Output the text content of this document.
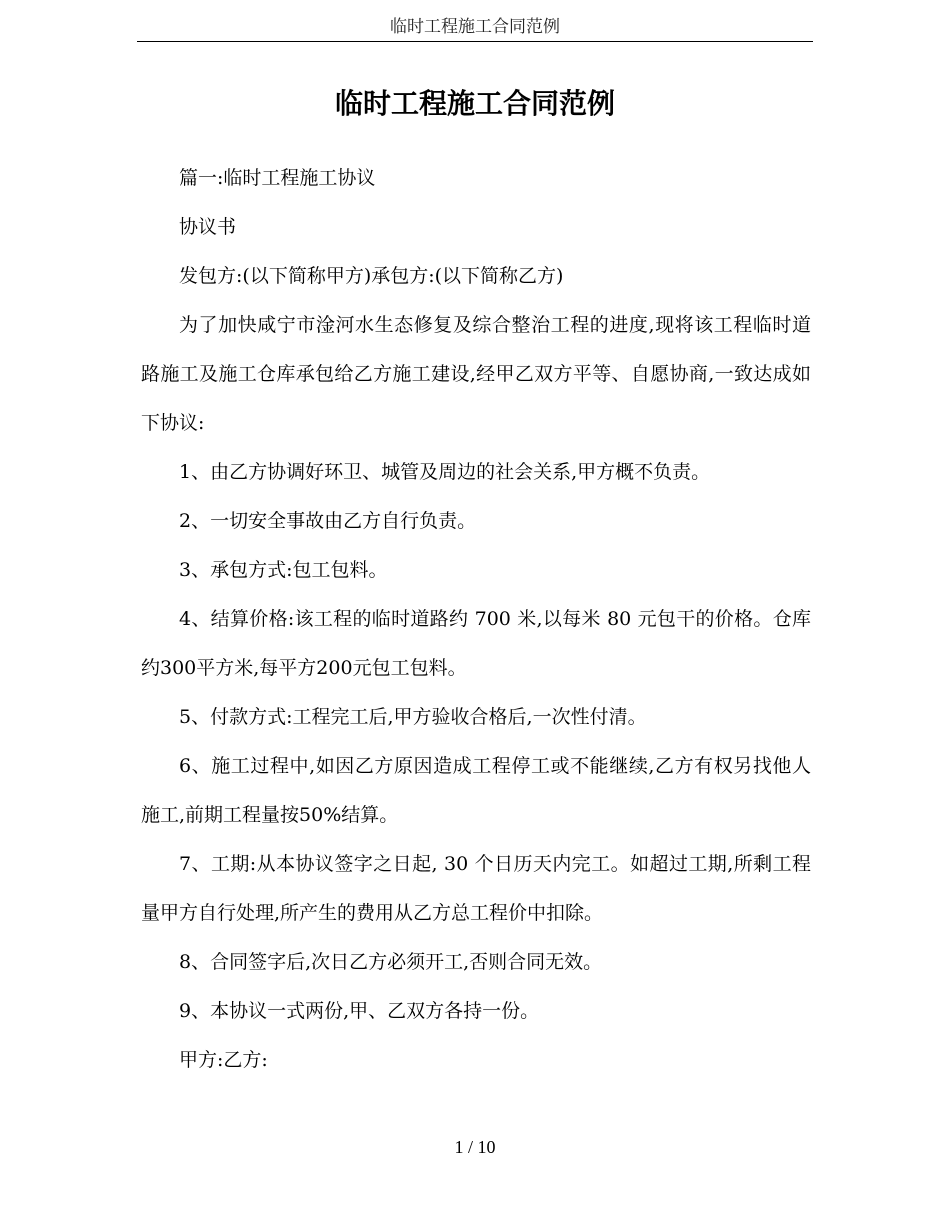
临时工程施工合同范例
临时工程施工合同范例

篇一:临时工程施工协议

协议书

发包方:(以下简称甲方)承包方:(以下简称乙方)

为了加快咸宁市淦河水生态修复及综合整治工程的进度,现将该工程临时道路施工及施工仓库承包给乙方施工建设,经甲乙双方平等、自愿协商,一致达成如下协议:

1、由乙方协调好环卫、城管及周边的社会关系,甲方概不负责。

2、一切安全事故由乙方自行负责。

3、承包方式:包工包料。

4、结算价格:该工程的临时道路约 700 米,以每米 80 元包干的价格。仓库约300平方米,每平方200元包工包料。

5、付款方式:工程完工后,甲方验收合格后,一次性付清。

6、施工过程中,如因乙方原因造成工程停工或不能继续,乙方有权另找他人施工,前期工程量按50%结算。

7、工期:从本协议签字之日起, 30 个日历天内完工。如超过工期,所剩工程量甲方自行处理,所产生的费用从乙方总工程价中扣除。

8、合同签字后,次日乙方必须开工,否则合同无效。

9、本协议一式两份,甲、乙双方各持一份。

甲方:乙方:

1 / 10
